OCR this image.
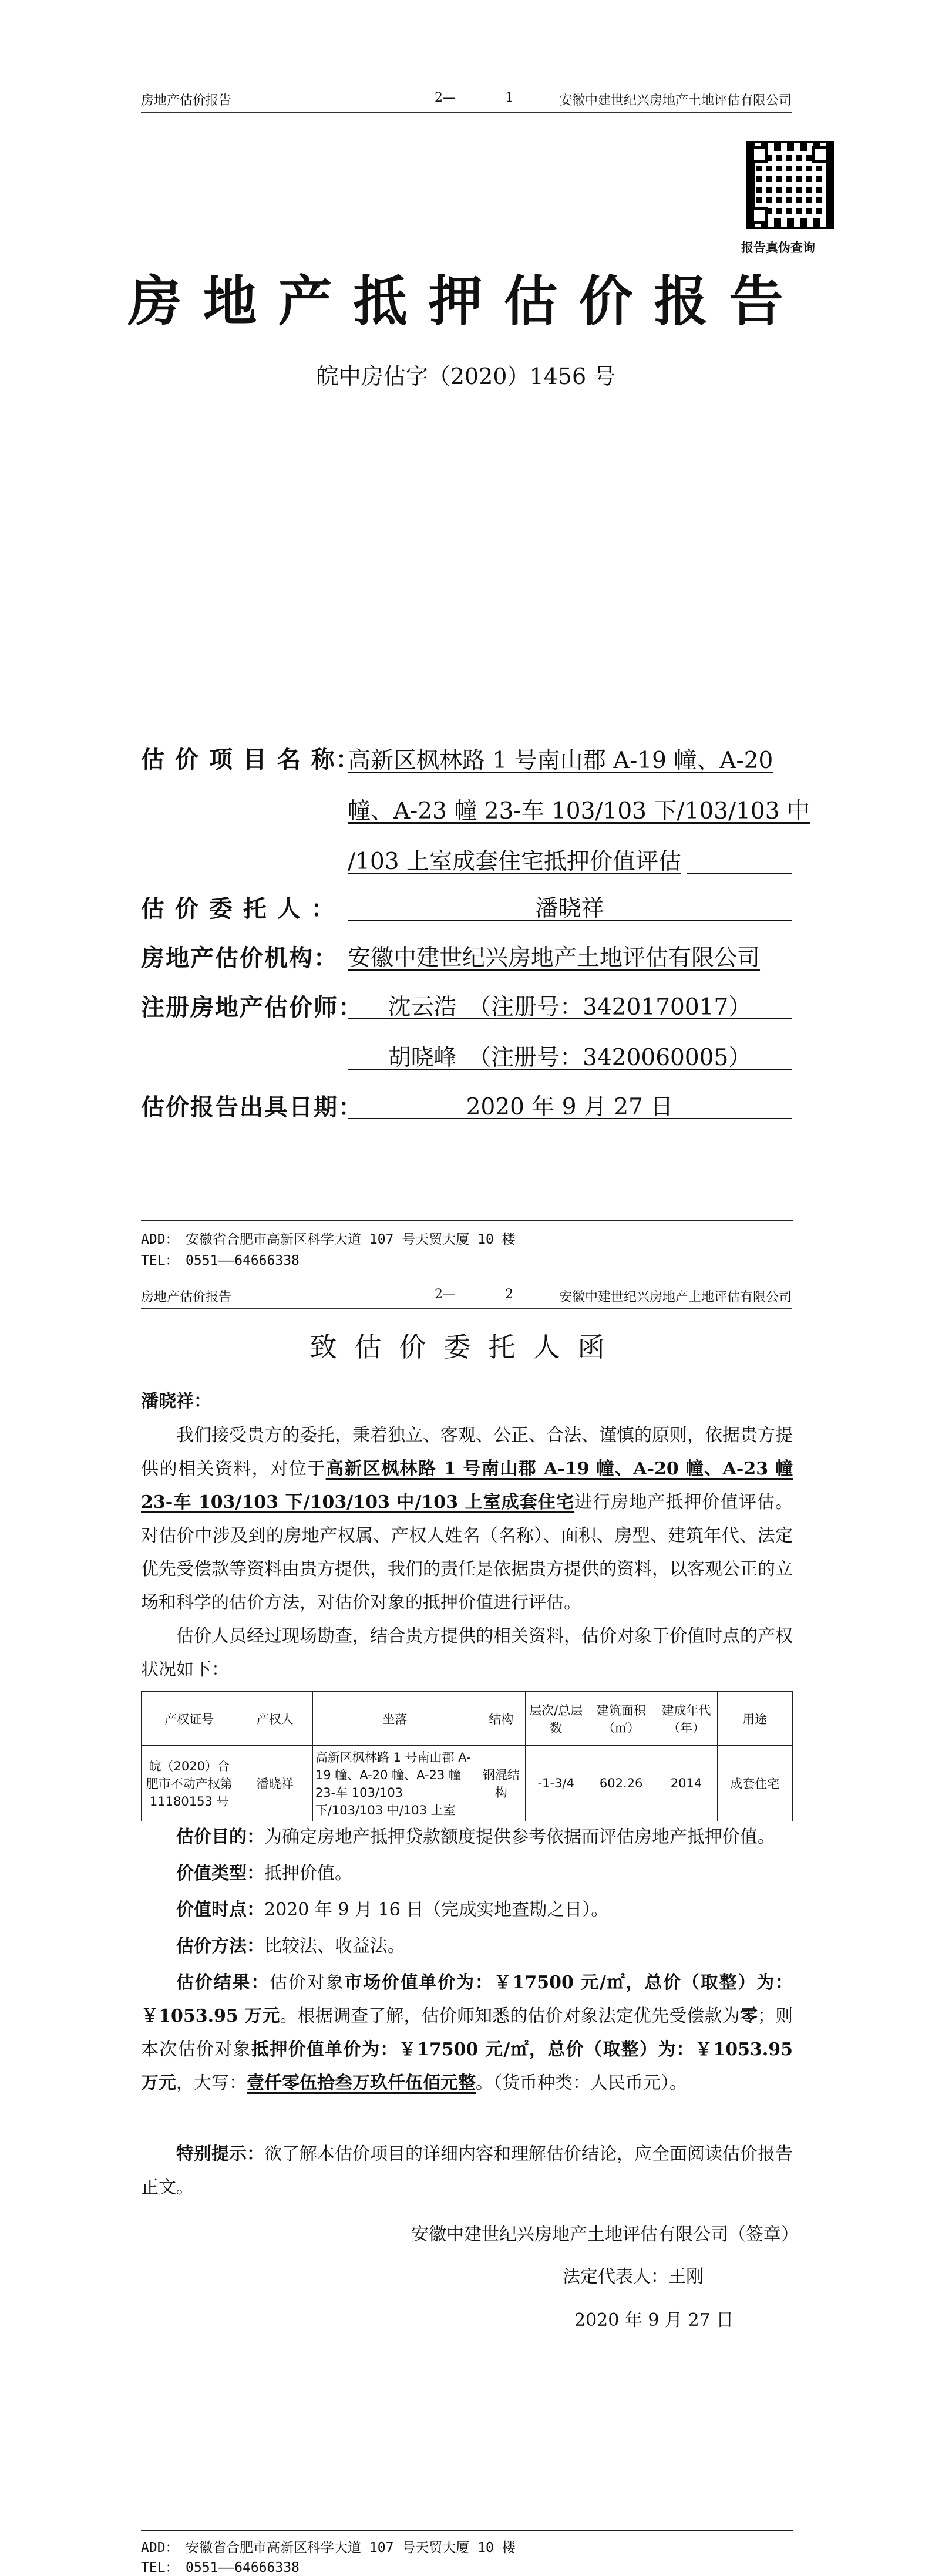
房地产估价报告	2—	1	安徽中建世纪兴房地产土地评估有限公司
报告真伪查询
房地产抵押估价报告
皖中房估字（2020）1456 号
估 价 项 目 名 称：
高新区枫林路 1 号南山郡 A-19 幢、A-20
幢、A-23 幢 23-车 103/103 下/103/103 中
/103 上室成套住宅抵押价值评估
估 价 委 托 人 ：	潘晓祥
房地产估价机构： 安徽中建世纪兴房地产土地评估有限公司
注册房地产估价师：	沈云浩　（注册号：3420170017）
胡晓峰　（注册号：3420060005）
估价报告出具日期：	2020 年 9 月 27 日
ADD：　安徽省合肥市高新区科学大道 107 号天贸大厦 10 楼
TEL：　0551——64666338
房地产估价报告	2—	2	安徽中建世纪兴房地产土地评估有限公司
致估价委托人函
潘晓祥：
我们接受贵方的委托，秉着独立、客观、公正、合法、谨慎的原则，依据贵方提供的相关资料，对位于高新区枫林路 1 号南山郡 A-19 幢、A-20 幢、A-23 幢 23-车 103/103 下/103/103 中/103 上室成套住宅进行房地产抵押价值评估。对估价中涉及到的房地产权属、产权人姓名（名称）、面积、房型、建筑年代、法定优先受偿款等资料由贵方提供，我们的责任是依据贵方提供的资料，以客观公正的立场和科学的估价方法，对估价对象的抵押价值进行评估。
估价人员经过现场勘查，结合贵方提供的相关资料，估价对象于价值时点的产权状况如下：
产权证号	产权人	坐落	结构	层次/总层数	建筑面积（㎡）	建成年代（年）	用途
皖（2020）合肥市不动产权第11180153 号	潘晓祥	高新区枫林路 1 号南山郡 A-19 幢、A-20 幢、A-23 幢 23-车 103/103 下/103/103 中/103 上室	钢混结构	-1-3/4	602.26	2014	成套住宅
估价目的：为确定房地产抵押贷款额度提供参考依据而评估房地产抵押价值。
价值类型：抵押价值。
价值时点：2020 年 9 月 16 日（完成实地查勘之日）。
估价方法：比较法、收益法。
估价结果：估价对象市场价值单价为：￥17500 元/㎡，总价（取整）为：￥1053.95 万元。根据调查了解，估价师知悉的估价对象法定优先受偿款为零；则本次估价对象抵押价值单价为：￥17500 元/㎡，总价（取整）为：￥1053.95 万元，大写：壹仟零伍拾叁万玖仟伍佰元整。（货币种类：人民币元）。
特别提示：欲了解本估价项目的详细内容和理解估价结论，应全面阅读估价报告正文。
安徽中建世纪兴房地产土地评估有限公司（签章）
法定代表人：王刚
2020 年 9 月 27 日
ADD：　安徽省合肥市高新区科学大道 107 号天贸大厦 10 楼
TEL：　0551——64666338
